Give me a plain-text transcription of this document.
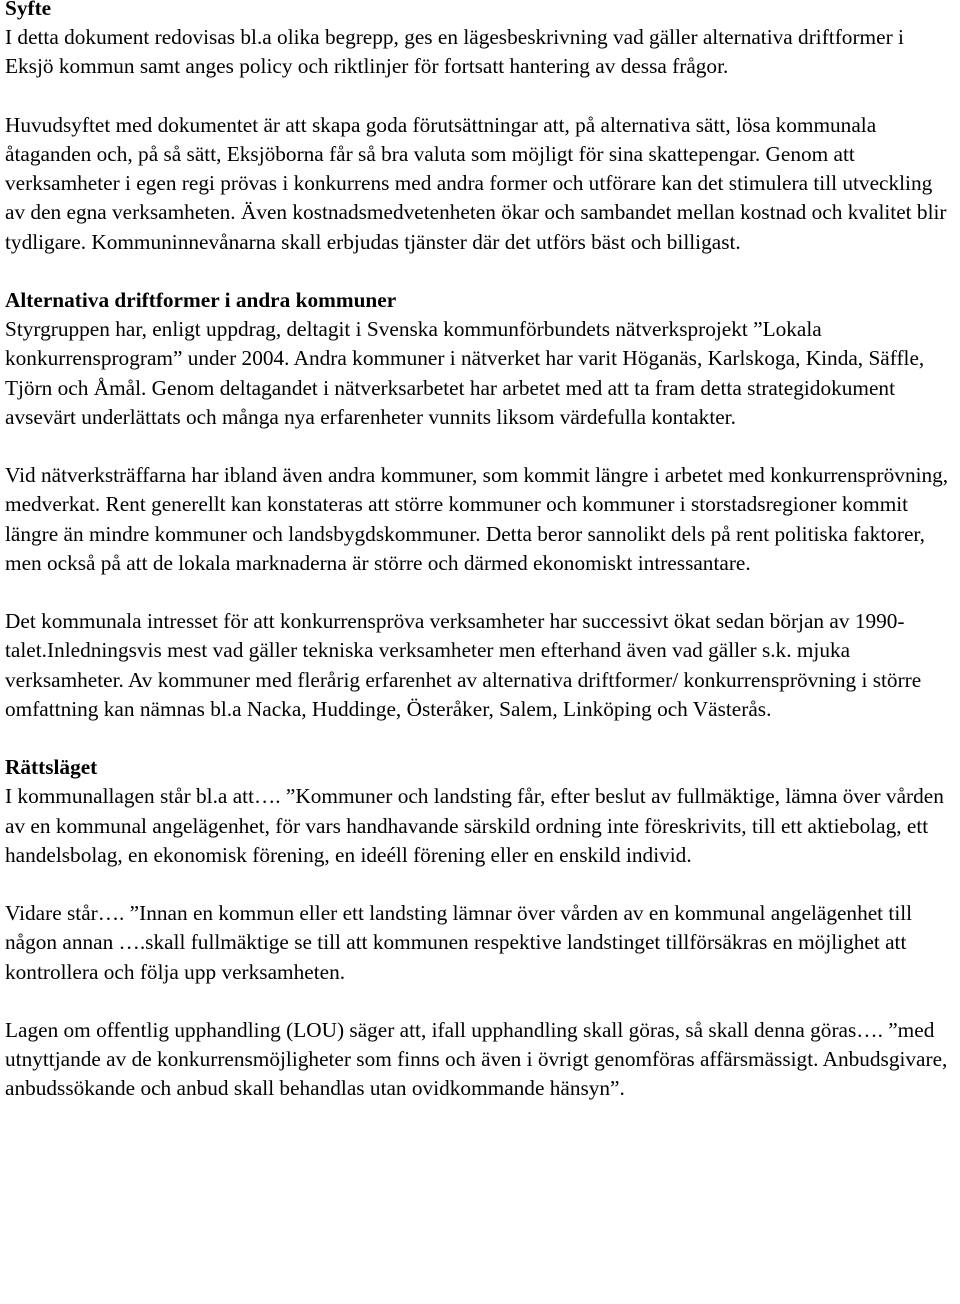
Syfte

I detta dokument redovisas bl.a olika begrepp, ges en lägesbeskrivning vad gäller alternativa driftformer i Eksjö kommun samt anges policy och riktlinjer för fortsatt hantering av dessa frågor.

Huvudsyftet med dokumentet är att skapa goda förutsättningar att, på alternativa sätt, lösa kommunala åtaganden och, på så sätt, Eksjöborna får så bra valuta som möjligt för sina skattepengar. Genom att verksamheter i egen regi prövas i konkurrens med andra former och utförare kan det stimulera till utveckling av den egna verksamheten. Även kostnadsmedvetenheten ökar och sambandet mellan kostnad och kvalitet blir tydligare. Kommuninnevånarna skall erbjudas tjänster där det utförs bäst och billigast.

Alternativa driftformer i andra kommuner

Styrgruppen har, enligt uppdrag, deltagit i Svenska kommunförbundets nätverksprojekt ”Lokala konkurrensprogram” under 2004. Andra kommuner i nätverket har varit Höganäs, Karlskoga, Kinda, Säffle, Tjörn och Åmål. Genom deltagandet i nätverksarbetet har arbetet med att ta fram detta strategidokument avsevärt underlättats och många nya erfarenheter vunnits liksom värdefulla kontakter.

Vid nätverksträffarna har ibland även andra kommuner, som kommit längre i arbetet med konkurrensprövning, medverkat. Rent generellt kan konstateras att större kommuner och kommuner i storstadsregioner kommit längre än mindre kommuner och landsbygdskommuner. Detta beror sannolikt dels på rent politiska faktorer, men också på att de lokala marknaderna är större och därmed ekonomiskt intressantare.

Det kommunala intresset för att konkurrenspröva verksamheter har successivt ökat sedan början av 1990-talet.Inledningsvis mest vad gäller tekniska verksamheter men efterhand även vad gäller s.k. mjuka verksamheter. Av kommuner med flerårig erfarenhet av alternativa driftformer/ konkurrensprövning i större omfattning kan nämnas bl.a Nacka, Huddinge, Österåker, Salem, Linköping och Västerås.

Rättsläget

I kommunallagen står bl.a att…. ”Kommuner och landsting får, efter beslut av fullmäktige, lämna över vården av en kommunal angelägenhet, för vars handhavande särskild ordning inte föreskrivits, till ett aktiebolag, ett handelsbolag, en ekonomisk förening, en ideéll förening eller en enskild individ.

Vidare står…. ”Innan en kommun eller ett landsting lämnar över vården av en kommunal angelägenhet till någon annan ….skall fullmäktige se till att kommunen respektive landstinget tillförsäkras en möjlighet att kontrollera och följa upp verksamheten.

Lagen om offentlig upphandling (LOU) säger att, ifall upphandling skall göras, så skall denna göras…. ”med utnyttjande av de konkurrensmöjligheter som finns och även i övrigt genomföras affärsmässigt. Anbudsgivare, anbudssökande och anbud skall behandlas utan ovidkommande hänsyn”.
